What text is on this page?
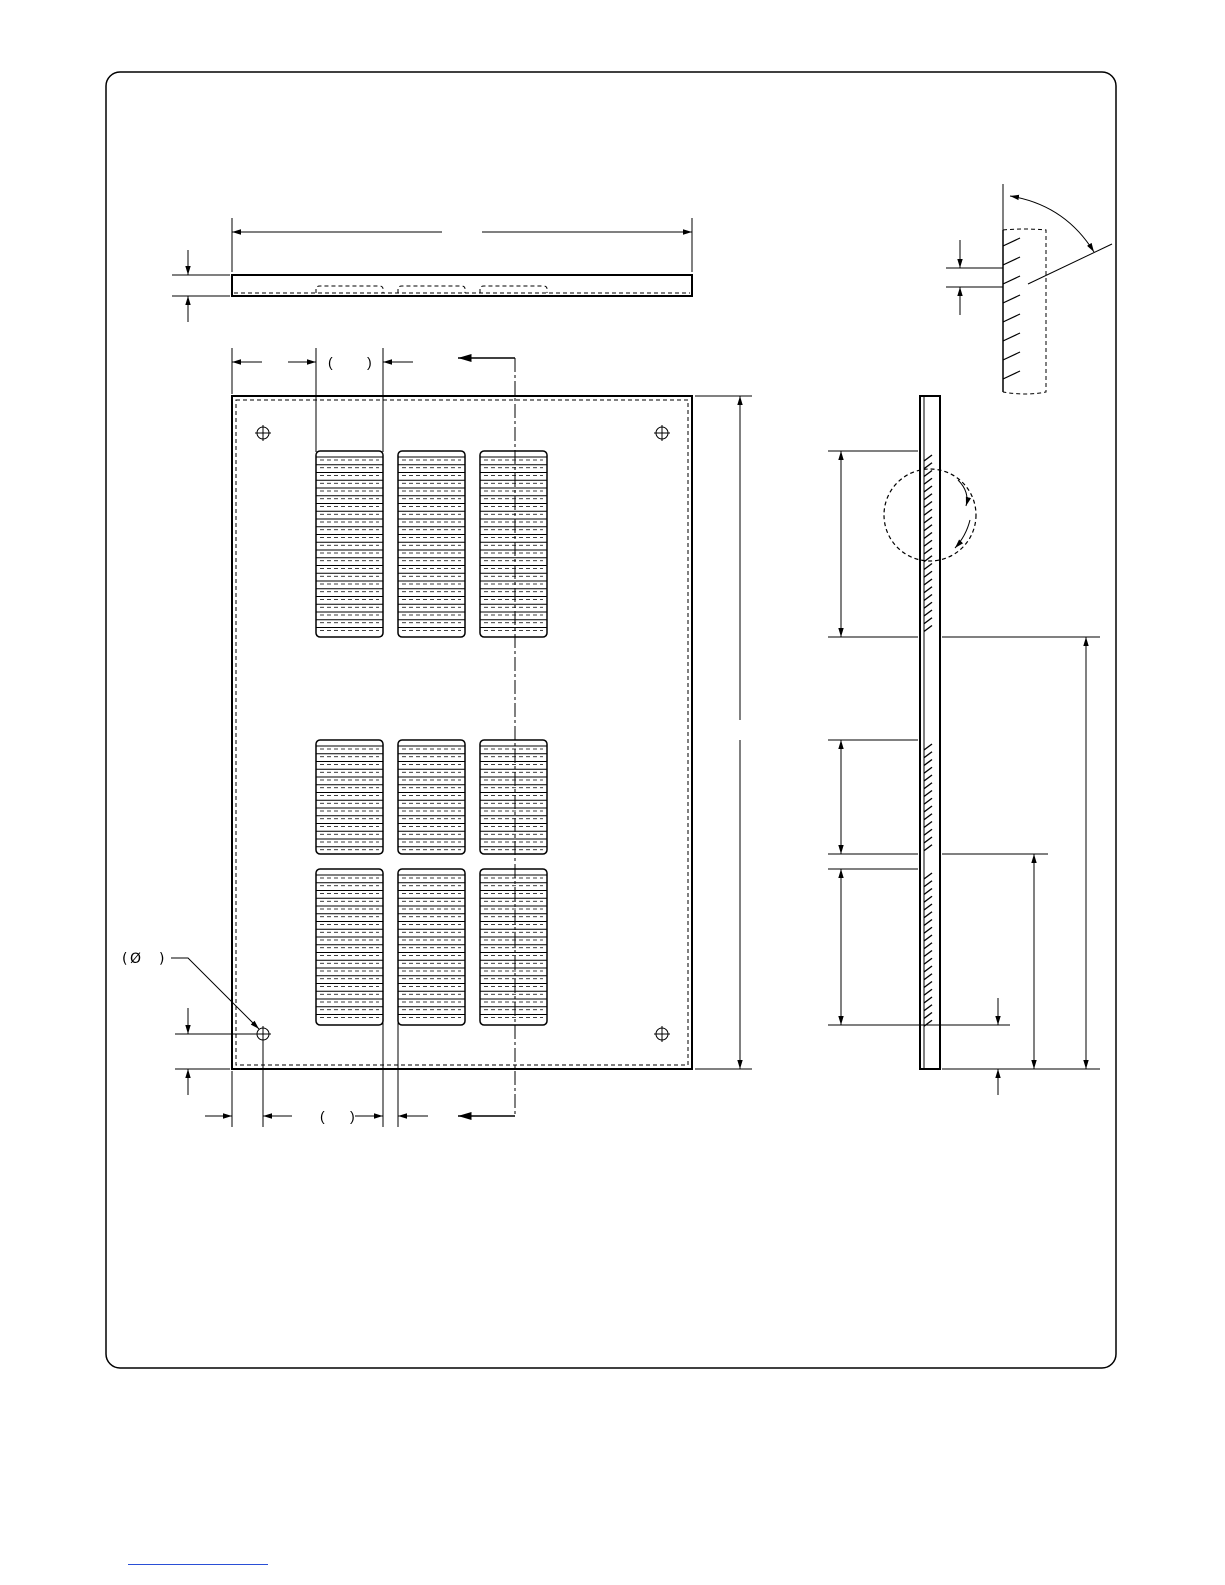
( )
( Ø )
( )
